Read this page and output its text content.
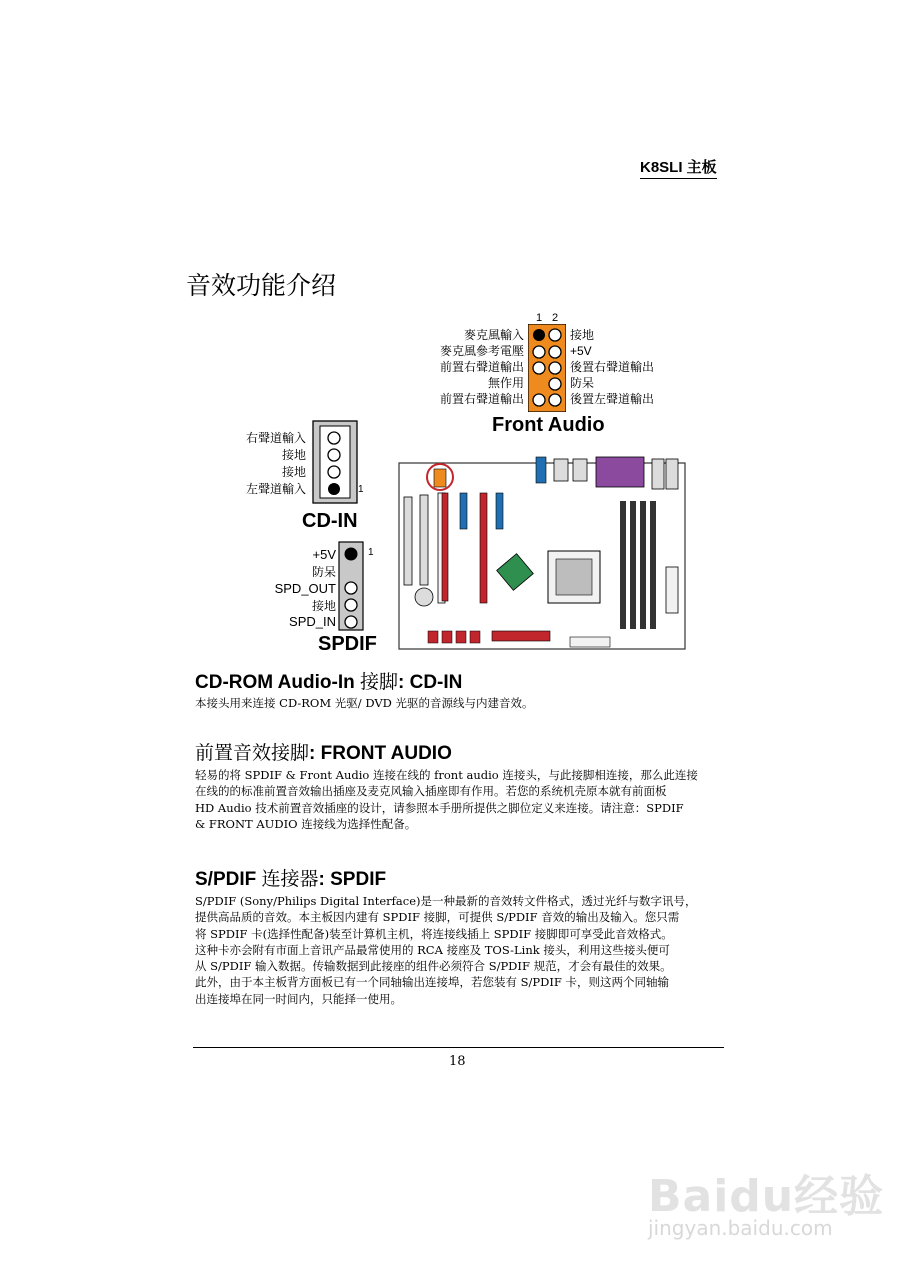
K8SLI 主板
音效功能介绍
1 2
麥克風輸入
麥克風參考電壓
前置右聲道輸出
無作用
前置右聲道輸出
接地
+5V
後置右聲道輸出
防呆
後置左聲道輸出
Front Audio
右聲道輸入
接地
接地
左聲道輸入	1
CD-IN
1
+5V
防呆
SPD_OUT
接地
SPD_IN
SPDIF
CD-ROM Audio-In 接脚: CD-IN
本接头用来连接 CD-ROM 光驱/ DVD 光驱的音源线与内建音效。
前置音效接脚: FRONT AUDIO
轻易的将 SPDIF & Front Audio 连接在线的 front audio 连接头，与此接脚相连接，那么此连接
在线的的标准前置音效输出插座及麦克风输入插座即有作用。若您的系统机壳原本就有前面板
HD Audio 技术前置音效插座的设计，请参照本手册所提供之脚位定义来连接。请注意：SPDIF
& FRONT AUDIO 连接线为选择性配备。
S/PDIF 连接器: SPDIF
S/PDIF (Sony/Philips Digital Interface)是一种最新的音效转文件格式，透过光纤与数字讯号，
提供高品质的音效。本主板因内建有 SPDIF 接脚，可提供 S/PDIF 音效的输出及输入。您只需
将 SPDIF 卡(选择性配备)装至计算机主机，将连接线插上 SPDIF 接脚即可享受此音效格式。
这种卡亦会附有市面上音讯产品最常使用的 RCA 接座及 TOS-Link 接头，利用这些接头便可
从 S/PDIF 输入数据。传输数据到此接座的组件必须符合 S/PDIF 规范，才会有最佳的效果。
此外，由于本主板背方面板已有一个同轴输出连接埠，若您装有 S/PDIF 卡，则这两个同轴输
出连接埠在同一时间内，只能择一使用。
18
Baidu经验
jingyan.baidu.com
